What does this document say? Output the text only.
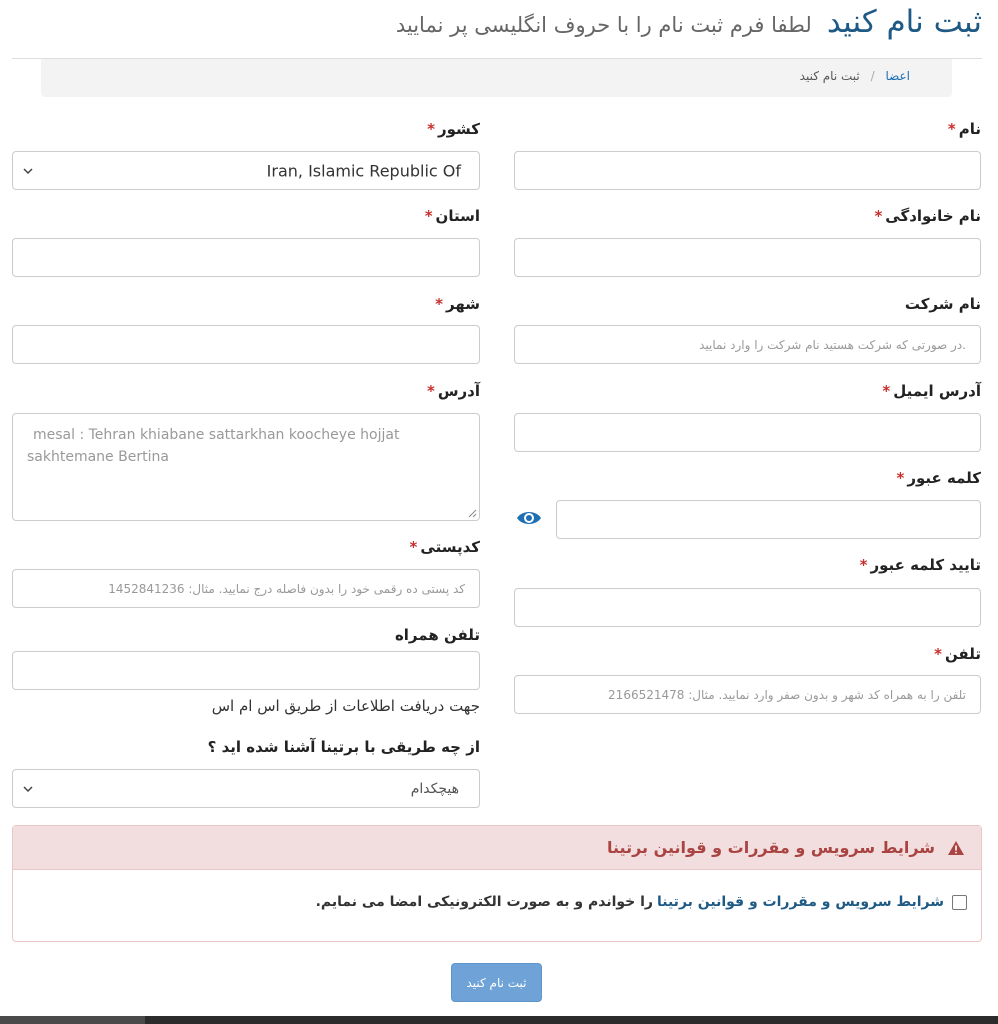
ثبت نام کنید لطفا فرم ثبت نام را با حروف انگلیسی پر نمایید
اعضا / ثبت نام کنید
نام*
نام خانوادگی*
نام شرکت
.در صورتی که شرکت هستید نام شرکت را وارد نمایید
آدرس ایمیل*
کلمه عبور*
تایید کلمه عبور*
تلفن*
تلفن را به همراه کد شهر و بدون صفر وارد نمایید. مثال: 2166521478
کشور*
Iran, Islamic Republic Of
استان*
شهر*
آدرس*
mesal : Tehran khiabane sattarkhan koocheye hojjat
sakhtemane Bertina
کدپستی*
کد پستی ده رقمی خود را بدون فاصله درج نمایید. مثال: 1452841236
تلفن همراه
جهت دریافت اطلاعات از طریق اس ام اس
از چه طریقی با برتینا آشنا شده اید ؟
هیچکدام
شرایط سرویس و مقررات و قوانین برتینا
شرایط سرویس و مقررات و قوانین برتینا
را خواندم و به صورت الکترونیکی امضا می نمایم.
ثبت نام کنید
